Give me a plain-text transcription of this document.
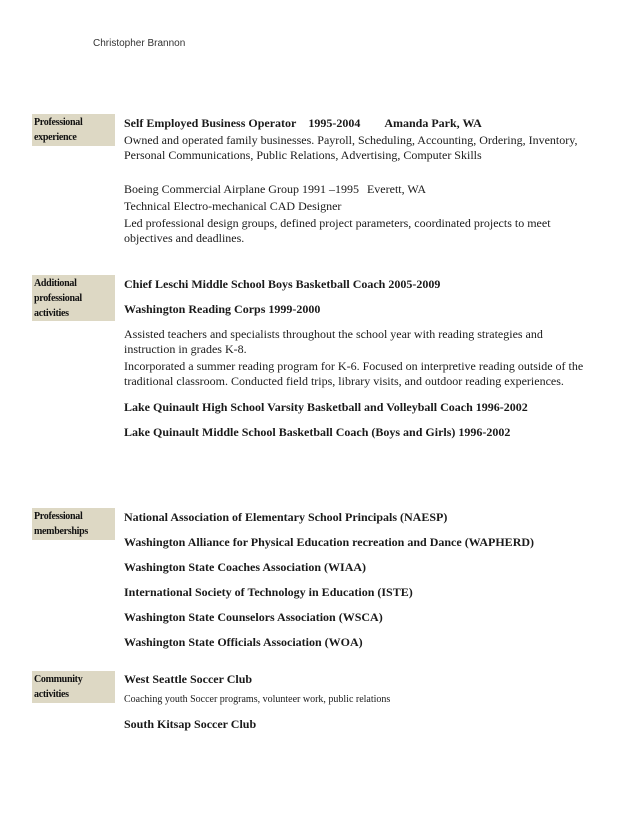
Christopher Brannon
Professional experience
Self Employed Business Operator 1995-2004 Amanda Park, WA
Owned and operated family businesses. Payroll, Scheduling, Accounting, Ordering, Inventory,
Personal Communications, Public Relations, Advertising, Computer Skills
Boeing Commercial Airplane Group 1991 –1995 Everett, WA
Technical Electro-mechanical CAD Designer
Led professional design groups, defined project parameters, coordinated projects to meet
objectives and deadlines.
Additional professional activities
Chief Leschi Middle School Boys Basketball Coach 2005-2009
Washington Reading Corps 1999-2000
Assisted teachers and specialists throughout the school year with reading strategies and
instruction in grades K-8.
Incorporated a summer reading program for K-6. Focused on interpretive reading outside of the
traditional classroom. Conducted field trips, library visits, and outdoor reading experiences.
Lake Quinault High School Varsity Basketball and Volleyball Coach 1996-2002
Lake Quinault Middle School Basketball Coach (Boys and Girls) 1996-2002
Professional memberships
National Association of Elementary School Principals (NAESP)
Washington Alliance for Physical Education recreation and Dance (WAPHERD)
Washington State Coaches Association (WIAA)
International Society of Technology in Education (ISTE)
Washington State Counselors Association (WSCA)
Washington State Officials Association (WOA)
Community activities
West Seattle Soccer Club
Coaching youth Soccer programs, volunteer work, public relations
South Kitsap Soccer Club
